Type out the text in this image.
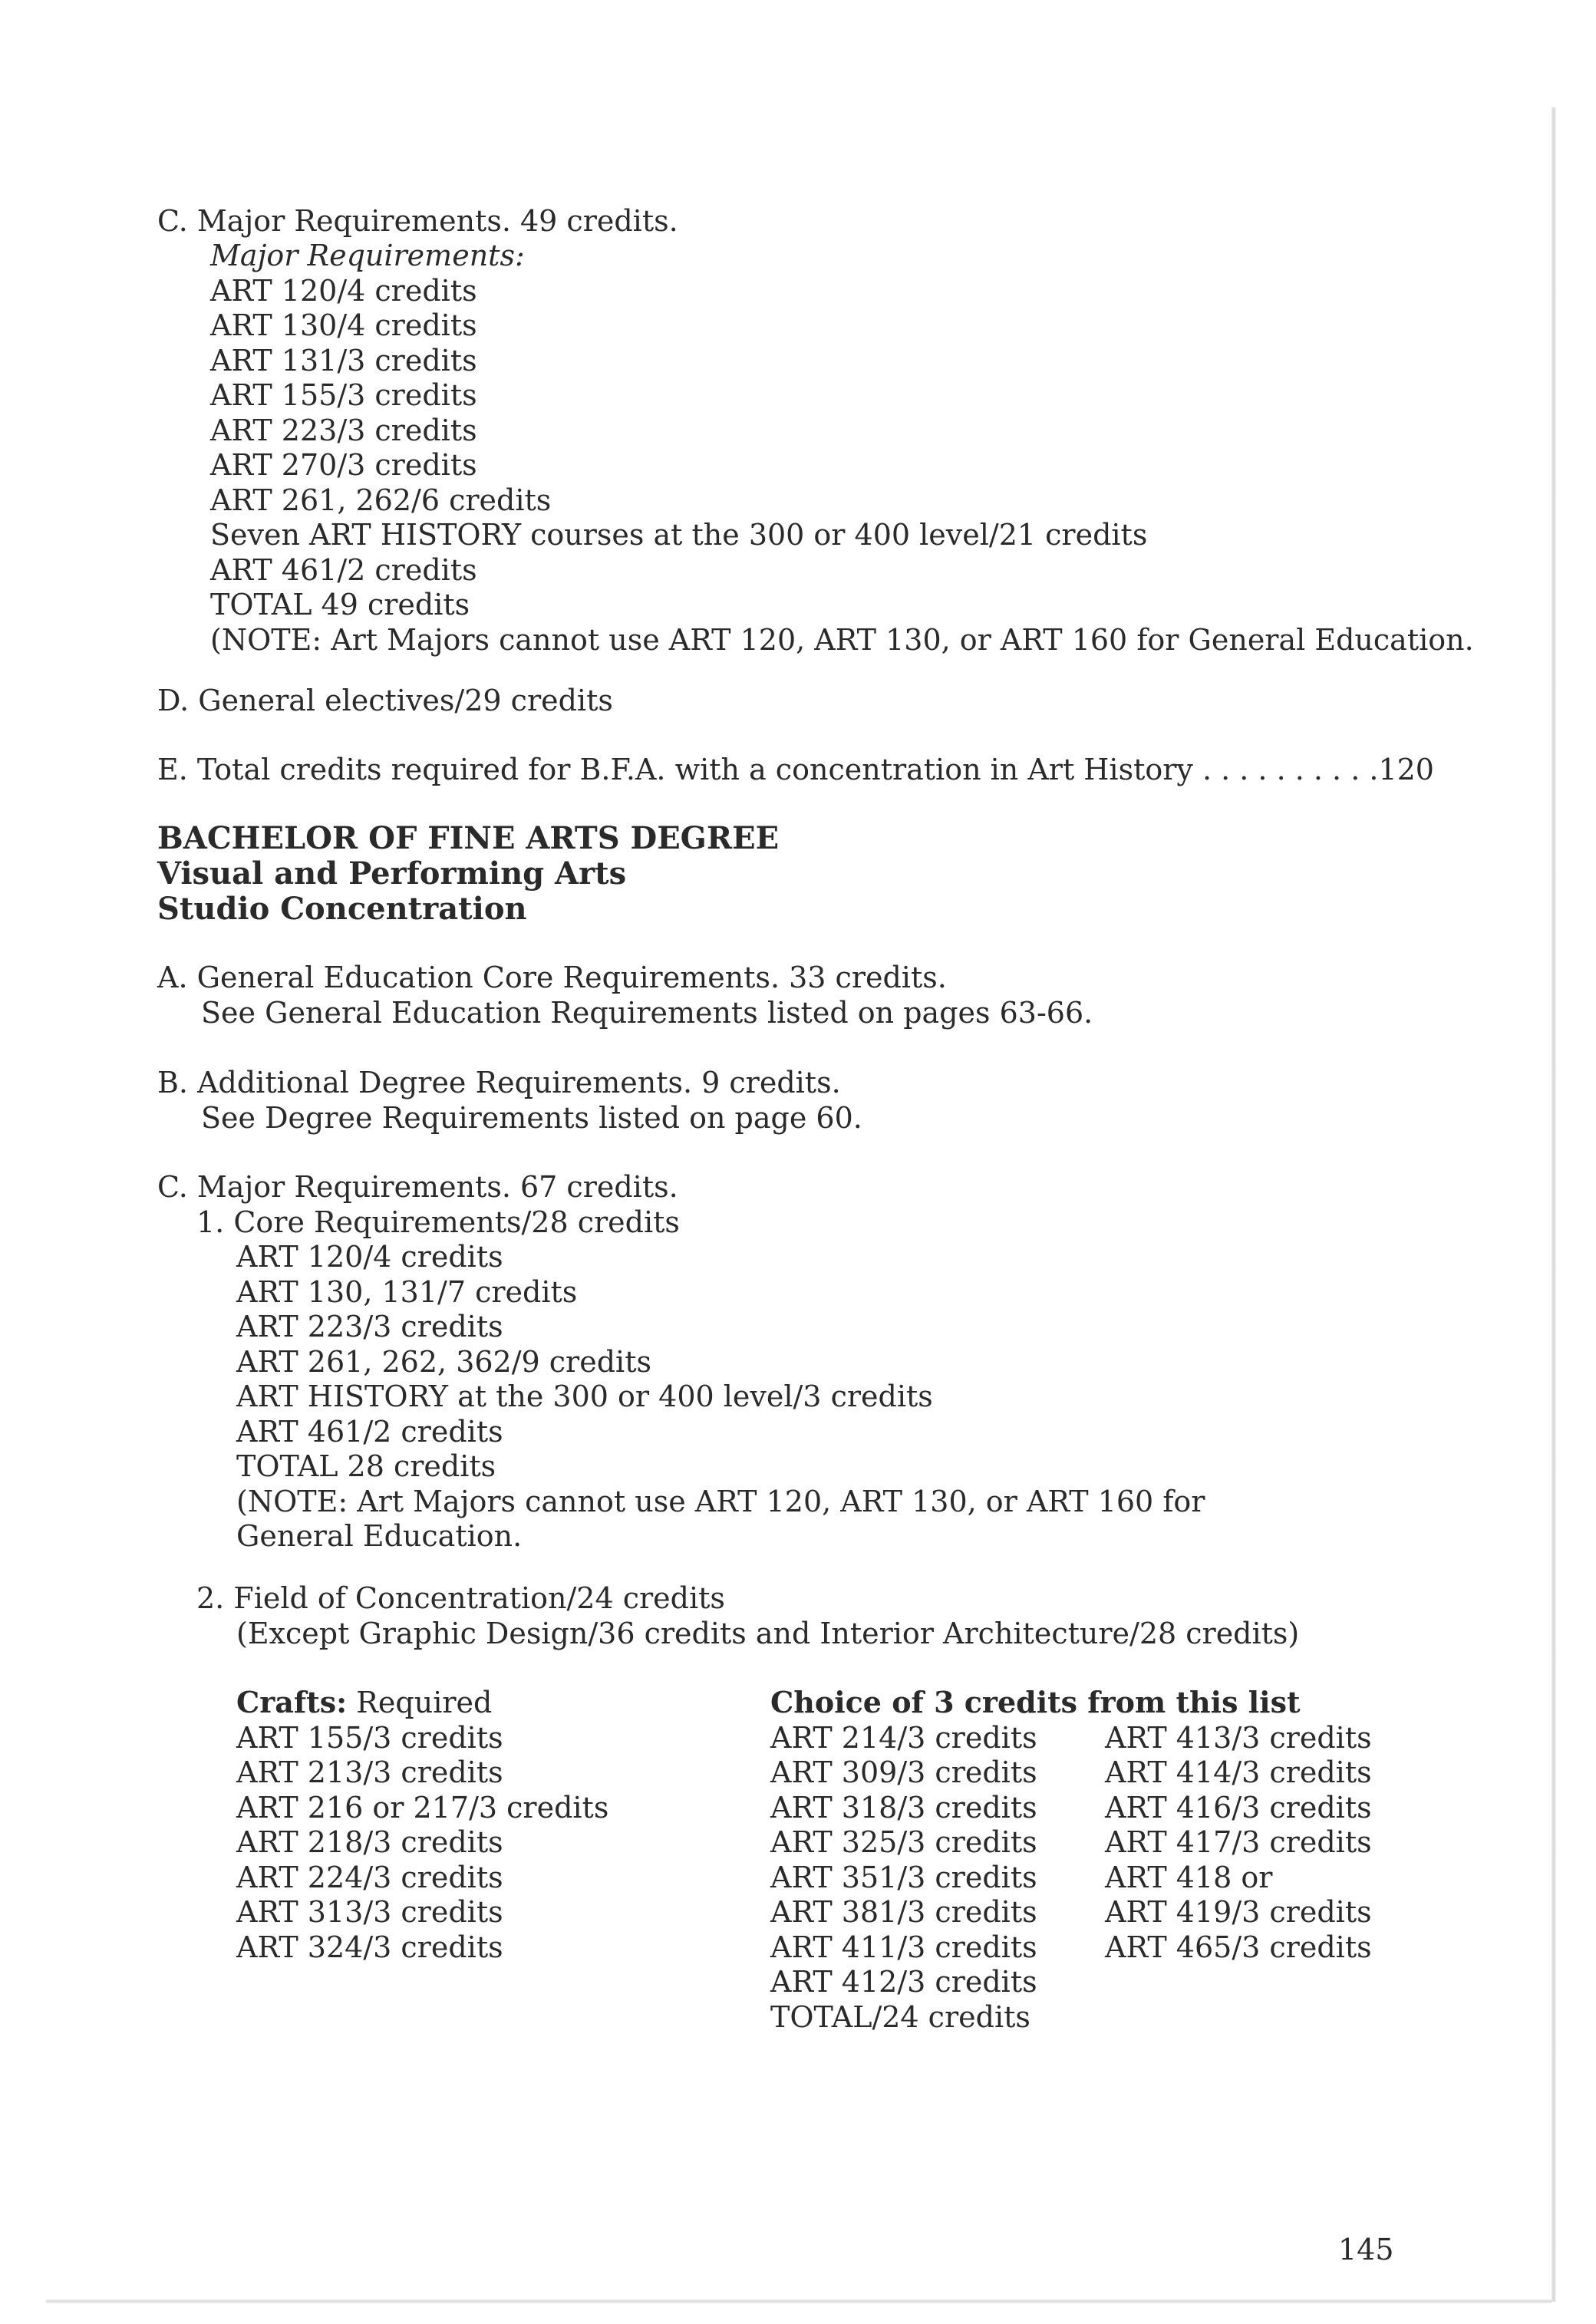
C. Major Requirements. 49 credits.
Major Requirements:
ART 120/4 credits
ART 130/4 credits
ART 131/3 credits
ART 155/3 credits
ART 223/3 credits
ART 270/3 credits
ART 261, 262/6 credits
Seven ART HISTORY courses at the 300 or 400 level/21 credits
ART 461/2 credits
TOTAL 49 credits
(NOTE: Art Majors cannot use ART 120, ART 130, or ART 160 for General Education.
D. General electives/29 credits
E. Total credits required for B.F.A. with a concentration in Art History . . . . . . . . . .120
BACHELOR OF FINE ARTS DEGREE
Visual and Performing Arts
Studio Concentration
A. General Education Core Requirements. 33 credits.
See General Education Requirements listed on pages 63-66.
B. Additional Degree Requirements. 9 credits.
See Degree Requirements listed on page 60.
C. Major Requirements. 67 credits.
1. Core Requirements/28 credits
ART 120/4 credits
ART 130, 131/7 credits
ART 223/3 credits
ART 261, 262, 362/9 credits
ART HISTORY at the 300 or 400 level/3 credits
ART 461/2 credits
TOTAL 28 credits
(NOTE: Art Majors cannot use ART 120, ART 130, or ART 160 for
General Education.
2. Field of Concentration/24 credits
(Except Graphic Design/36 credits and Interior Architecture/28 credits)
Crafts: Required
ART 155/3 credits
ART 213/3 credits
ART 216 or 217/3 credits
ART 218/3 credits
ART 224/3 credits
ART 313/3 credits
ART 324/3 credits
Choice of 3 credits from this list
ART 214/3 credits
ART 309/3 credits
ART 318/3 credits
ART 325/3 credits
ART 351/3 credits
ART 381/3 credits
ART 411/3 credits
ART 412/3 credits
TOTAL/24 credits
ART 413/3 credits
ART 414/3 credits
ART 416/3 credits
ART 417/3 credits
ART 418 or
ART 419/3 credits
ART 465/3 credits
145
